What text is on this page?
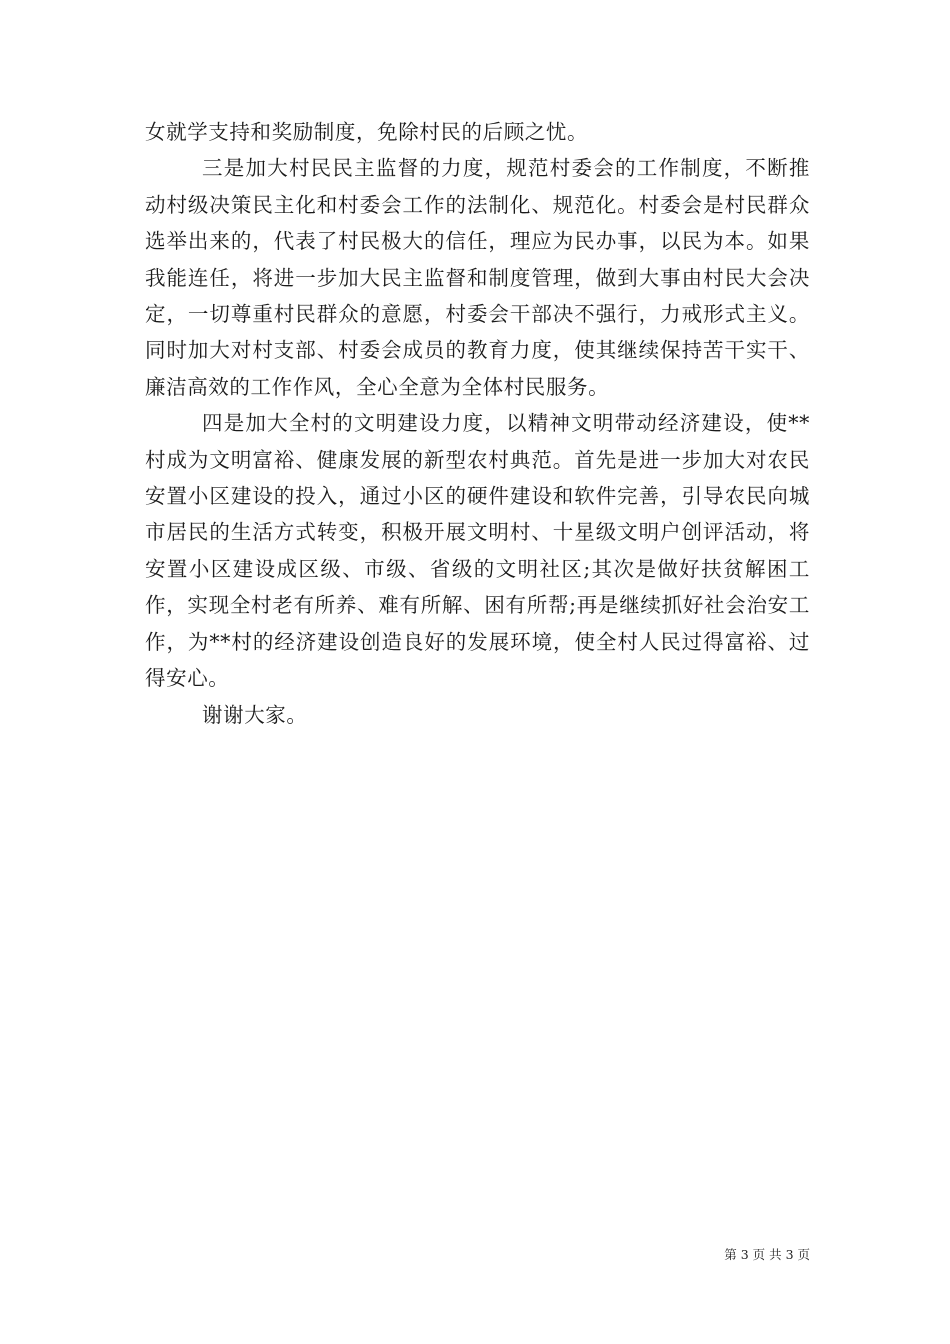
女就学支持和奖励制度，免除村民的后顾之忧。

三是加大村民民主监督的力度，规范村委会的工作制度，不断推动村级决策民主化和村委会工作的法制化、规范化。村委会是村民群众选举出来的，代表了村民极大的信任，理应为民办事，以民为本。如果我能连任，将进一步加大民主监督和制度管理，做到大事由村民大会决定，一切尊重村民群众的意愿，村委会干部决不强行，力戒形式主义。同时加大对村支部、村委会成员的教育力度，使其继续保持苦干实干、廉洁高效的工作作风，全心全意为全体村民服务。

四是加大全村的文明建设力度，以精神文明带动经济建设，使**村成为文明富裕、健康发展的新型农村典范。首先是进一步加大对农民安置小区建设的投入，通过小区的硬件建设和软件完善，引导农民向城市居民的生活方式转变，积极开展文明村、十星级文明户创评活动，将安置小区建设成区级、市级、省级的文明社区;其次是做好扶贫解困工作，实现全村老有所养、难有所解、困有所帮;再是继续抓好社会治安工作，为**村的经济建设创造良好的发展环境，使全村人民过得富裕、过得安心。

谢谢大家。

第 3 页 共 3 页
